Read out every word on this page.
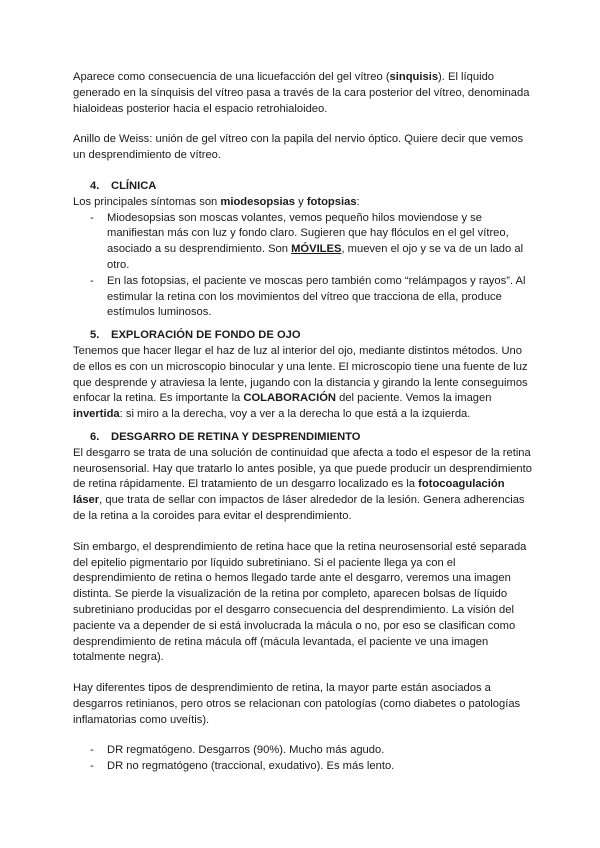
Aparece como consecuencia de una licuefacción del gel vítreo (sinquisis). El líquido generado en la sínquisis del vítreo pasa a través de la cara posterior del vítreo, denominada hialoideas posterior hacia el espacio retrohialoideo.

Anillo de Weiss: unión de gel vítreo con la papila del nervio óptico. Quiere decir que vemos un desprendimiento de vítreo.

4.	CLÍNICA

Los principales síntomas son miodesopsias y fotopsias:

-	Miodesopsias son moscas volantes, vemos pequeño hilos moviendose y se manifiestan más con luz y fondo claro. Sugieren que hay flóculos en el gel vítreo, asociado a su desprendimiento. Son MÓVILES, mueven el ojo y se va de un lado al otro.
-	En las fotopsias, el paciente ve moscas pero también como “relámpagos y rayos”. Al estimular la retina con los movimientos del vítreo que tracciona de ella, produce estímulos luminosos.
5.	EXPLORACIÓN DE FONDO DE OJO

Tenemos que hacer llegar el haz de luz al interior del ojo, mediante distintos métodos. Uno de ellos es con un microscopio binocular y una lente. El microscopio tiene una fuente de luz que desprende y atraviesa la lente, jugando con la distancia y girando la lente conseguimos enfocar la retina. Es importante la COLABORACIÓN del paciente. Vemos la imagen invertida: si miro a la derecha, voy a ver a la derecha lo que está a la izquierda.

6.	DESGARRO DE RETINA Y DESPRENDIMIENTO

El desgarro se trata de una solución de continuidad que afecta a todo el espesor de la retina neurosensorial. Hay que tratarlo lo antes posible, ya que puede producir un desprendimiento de retina rápidamente. El tratamiento de un desgarro localizado es la fotocoagulación láser, que trata de sellar con impactos de láser alrededor de la lesión. Genera adherencias de la retina a la coroides para evitar el desprendimiento.

Sin embargo, el desprendimiento de retina hace que la retina neurosensorial esté separada del epitelio pigmentario por líquido subretiniano. Si el paciente llega ya con el desprendimiento de retina o hemos llegado tarde ante el desgarro, veremos una imagen distinta. Se pierde la visualización de la retina por completo, aparecen bolsas de líquido subretiniano producidas por el desgarro consecuencia del desprendimiento. La visión del paciente va a depender de si está involucrada la mácula o no, por eso se clasifican como desprendimiento de retina mácula off (mácula levantada, el paciente ve una imagen totalmente negra).

Hay diferentes tipos de desprendimiento de retina, la mayor parte están asociados a desgarros retinianos, pero otros se relacionan con patologías (como diabetes o patologías inflamatorias como uveítis).

-	DR regmatógeno. Desgarros (90%). Mucho más agudo.
-	DR no regmatógeno (traccional, exudativo). Es más lento.
